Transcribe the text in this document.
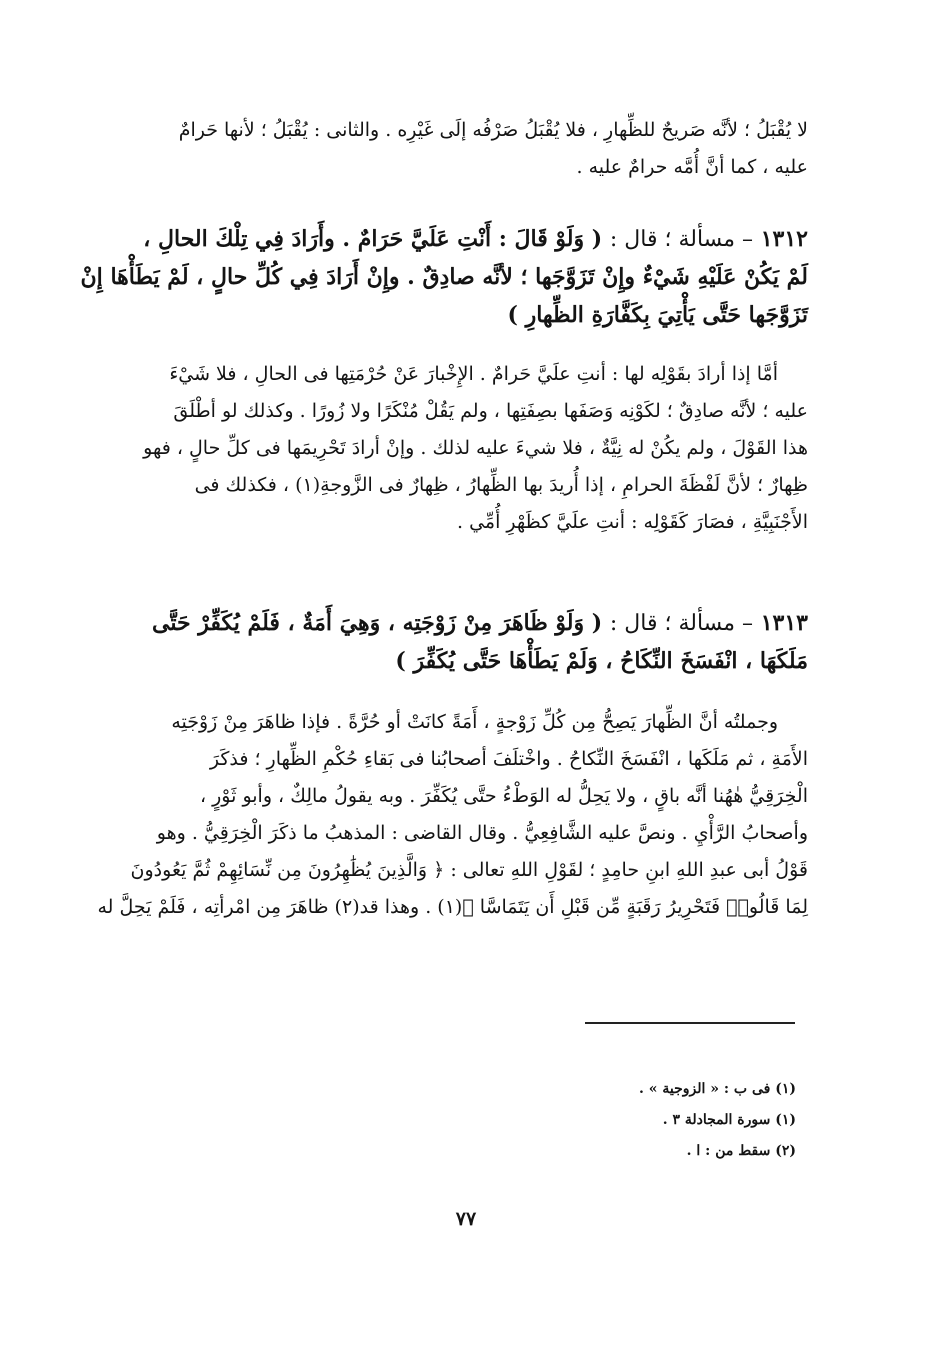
لا يُقْبَلُ ؛ لأنَّه صَريحٌ للظِّهارِ ، فلا يُقْبَلُ صَرْفُه إلَى غَيْرِه . والثانى : يُقْبَلُ ؛ لأنها حَرامٌ
عليه ، كما أنَّ أُمَّه حرامٌ عليه .
١٣١٢ – مسألة ؛ قال : ( وَلَوْ قَالَ : أَنْتِ عَلَيَّ حَرَامٌ . وأَرَادَ فِي تِلْكَ الحالِ ،
لَمْ يَكُنْ عَلَيْهِ شَيْءٌ وإِنْ تَزَوَّجَها ؛ لأنَّه صادِقٌ . وإِنْ أَرَادَ فِي كُلِّ حالٍ ، لَمْ يَطَأْهَا إِنْ
تَزَوَّجَها حَتَّى يَأْتِيَ بِكَفَّارَةِ الظِّهارِ )
أمَّا إذا أرادَ بقَوْلِه لها : أنتِ علَيَّ حَرامٌ . الإِخْبارَ عَنْ حُرْمَتِها فى الحالِ ، فلا شَيْءَ
عليه ؛ لأنَّه صادِقٌ ؛ لكَوْنِه وَصَفَها بصِفَتِها ، ولم يَقُلْ مُنْكَرًا ولا زُورًا . وكذلك لو أطْلَقَ
هذا القَوْلَ ، ولم يكُنْ له نِيَّةٌ ، فلا شيءَ عليه لذلك . وإنْ أرادَ تَحْرِيمَها فى كلِّ حالٍ ، فهو
ظِهارٌ ؛ لأنَّ لَفْظَةَ الحرامِ ، إذا أُريدَ بها الظِّهارُ ، ظِهارٌ فى الزَّوجةِ(١) ، فكذلك فى
الأَجْنَبِيَّةِ ، فصَارَ كَقَوْلِه : أنتِ علَيَّ كظَهْرِ أُمِّي .
١٣١٣ – مسألة ؛ قال : ( وَلَوْ ظَاهَرَ مِنْ زَوْجَتِه ، وَهِيَ أَمَةٌ ، فَلَمْ يُكَفِّرْ حَتَّى
مَلَكَهَا ، انْفَسَخَ النِّكَاحُ ، وَلَمْ يَطَأْهَا حَتَّى يُكَفِّرَ )
وجملتُه أنَّ الظِّهارَ يَصِحُّ مِن كُلِّ زَوْجةٍ ، أَمَةً كانَتْ أو حُرَّةً . فإذا ظاهَرَ مِنْ زَوْجَتِه
الأَمَةِ ، ثم مَلَكَها ، انْفَسَخَ النِّكاحُ . واخْتلَفَ أصحابُنا فى بَقاءِ حُكْمِ الظِّهارِ ؛ فذكَرَ
الْخِرَقِيُّ هٰهُنا أنَّه باقٍ ، ولا يَحِلُّ له الوَطْءُ حتَّى يُكَفِّرَ . وبه يقولُ مالِكٌ ، وأبو ثَوْرٍ ،
وأصحابُ الرَّأْيِ . ونصَّ عليه الشَّافِعِيُّ . وقال القاضى : المذهبُ ما ذكَرَ الْخِرَقِيُّ . وهو
قَوْلُ أبى عبدِ اللهِ ابنِ حامِدٍ ؛ لقَوْلِ اللهِ تعالى : ﴿ وَالَّذِينَ يُظَٰهِرُونَ مِن نِّسَائِهِمْ ثُمَّ يَعُودُونَ
لِمَا قَالُوا۟ فَتَحْرِيرُ رَقَبَةٍ مِّن قَبْلِ أَن يَتَمَاسَّا ﴾(١) . وهذا قد(٢) ظاهَرَ مِن امْرأتِه ، فَلَمْ يَحِلَّ له
(١) فى ب : « الزوجية » .
(١) سورة المجادلة ٣ .
(٢) سقط من : ا .
٧٧
